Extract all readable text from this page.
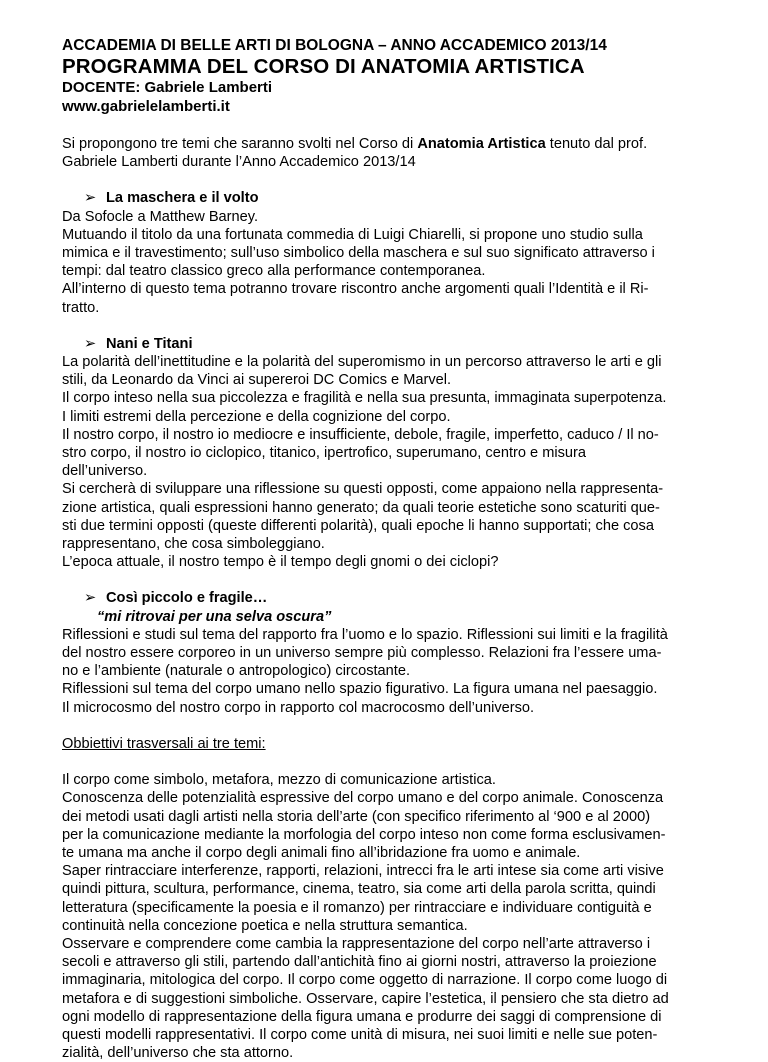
ACCADEMIA DI BELLE ARTI DI BOLOGNA – ANNO ACCADEMICO 2013/14
PROGRAMMA DEL CORSO DI ANATOMIA ARTISTICA
DOCENTE: Gabriele Lamberti
www.gabrielelamberti.it
Si propongono tre temi che saranno svolti nel Corso di Anatomia Artistica tenuto dal prof.
Gabriele Lamberti durante l’Anno Accademico 2013/14
➢ La maschera e il volto
Da Sofocle a Matthew Barney.
Mutuando il titolo da una fortunata commedia di Luigi Chiarelli, si propone uno studio sulla
mimica e il travestimento; sull’uso simbolico della maschera e sul suo significato attraverso i
tempi: dal teatro classico greco alla performance contemporanea.
All’interno di questo tema potranno trovare riscontro anche argomenti quali l’Identità e il Ri-
tratto.
➢ Nani e Titani
La polarità dell’inettitudine e la polarità del superomismo in un percorso attraverso le arti e gli
stili, da Leonardo da Vinci ai supereroi DC Comics e Marvel.
Il corpo inteso nella sua piccolezza e fragilità e nella sua presunta, immaginata superpotenza.
I limiti estremi della percezione e della cognizione del corpo.
Il nostro corpo, il nostro io mediocre e insufficiente, debole, fragile, imperfetto, caduco / Il no-
stro corpo, il nostro io ciclopico, titanico, ipertrofico, superumano, centro e misura
dell’universo.
Si cercherà di sviluppare una riflessione su questi opposti, come appaiono nella rappresenta-
zione artistica, quali espressioni hanno generato; da quali teorie estetiche sono scaturiti que-
sti due termini opposti (queste differenti polarità), quali epoche li hanno supportati; che cosa
rappresentano, che cosa simboleggiano.
L’epoca attuale, il nostro tempo è il tempo degli gnomi o dei ciclopi?
➢ Così piccolo e fragile…
“mi ritrovai per una selva oscura”
Riflessioni e studi sul tema del rapporto fra l’uomo e lo spazio. Riflessioni sui limiti e la fragilità
del nostro essere corporeo in un universo sempre più complesso. Relazioni fra l’essere uma-
no e l’ambiente (naturale o antropologico) circostante.
Riflessioni sul tema del corpo umano nello spazio figurativo. La figura umana nel paesaggio.
Il microcosmo del nostro corpo in rapporto col macrocosmo dell’universo.
Obbiettivi trasversali ai tre temi:
Il corpo come simbolo, metafora, mezzo di comunicazione artistica.
Conoscenza delle potenzialità espressive del corpo umano e del corpo animale. Conoscenza
dei metodi usati dagli artisti nella storia dell’arte (con specifico riferimento al ‘900 e al 2000)
per la comunicazione mediante la morfologia del corpo inteso non come forma esclusivamen-
te umana ma anche il corpo degli animali fino all’ibridazione fra uomo e animale.
Saper rintracciare interferenze, rapporti, relazioni, intrecci fra le arti intese sia come arti visive
quindi pittura, scultura, performance, cinema, teatro, sia come arti della parola scritta, quindi
letteratura (specificamente la poesia e il romanzo) per rintracciare e individuare contiguità e
continuità nella concezione poetica e nella struttura semantica.
Osservare e comprendere come cambia la rappresentazione del corpo nell’arte attraverso i
secoli e attraverso gli stili, partendo dall’antichità fino ai giorni nostri, attraverso la proiezione
immaginaria, mitologica del corpo. Il corpo come oggetto di narrazione. Il corpo come luogo di
metafora e di suggestioni simboliche. Osservare, capire l’estetica, il pensiero che sta dietro ad
ogni modello di rappresentazione della figura umana e produrre dei saggi di comprensione di
questi modelli rappresentativi. Il corpo come unità di misura, nei suoi limiti e nelle sue poten-
zialità, dell’universo che sta attorno.
